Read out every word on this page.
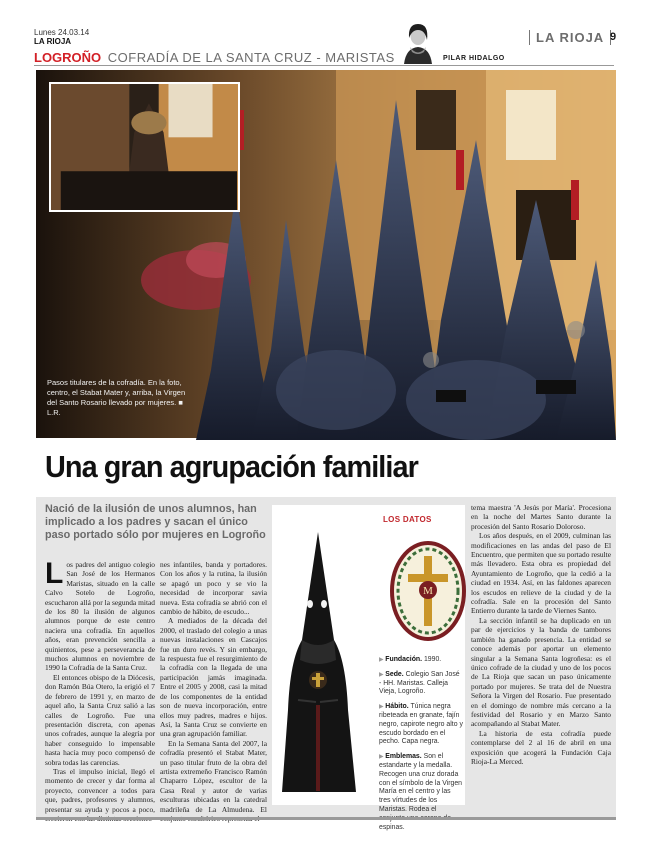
Lunes 24.03.14
LA RIOJA
LOGROÑO COFRADÍA DE LA SANTA CRUZ - MARISTAS	PILAR HIDALGO
LA RIOJA 9
Pasos titulares de la cofradía. En la foto, centro, el Stabat Mater y, arriba, la Virgen del Santo Rosario llevado por mujeres. ■ L.R.
Una gran agrupación familiar
Nació de la ilusión de unos alumnos, han implicado a los padres y sacan el único paso portado sólo por mujeres en Logroño

Los padres del antiguo colegio San José de los Hermanos Maristas, situado en la calle Calvo Sotelo de Logroño, escucharon allá por la segunda mitad de los 80 la ilusión de algunos alumnos porque de este centro naciera una cofradía. En aquellos años, eran prevención sencilla a quinientos, pese a perseverancia de muchos alumnos en noviembre de 1990 la Cofradía de la Santa Cruz.

El entonces obispo de la Diócesis, don Ramón Búa Otero, la erigió el 7 de febrero de 1991 y, en marzo de aquel año, la Santa Cruz salió a las calles de Logroño. Fue una presentación discreta, con apenas unos cofrades, aunque la alegría por haber conseguido lo impensable hasta hacía muy poco compensó de sobra todas las carencias.

Tras el impulso inicial, llegó el momento de crecer y dar forma al proyecto, convencer a todos para que, padres, profesores y alumnos, presentar su ayuda y pocos a poco,

nes infantiles, banda y portadores. Con los años y la rutina, la ilusión se apagó un poco y se vio la necesidad de incorporar savia nueva. Esta cofradía se abrió con el cambio de hábito, de escudo...

A mediados de la década del 2000, el traslado del colegio a unas nuevas instalaciones en Cascajos fue un duro revés. Y sin embargo, la respuesta fue el resurgimiento de la cofradía con la llegada de una participación jamás imaginada. Entre el 2005 y 2008, casi la mitad de los componentes de la entidad son de nueva incorporación, entre ellos muy padres, madres e hijos. Así, la Santa Cruz se convierte en una gran agrupación familiar.

En la Semana Santa del 2007, la cofradía presentó el Stabat Mater, un paso titular fruto de la obra del artista extremeño Francisco Ramón Chaparro López, escultor de la Casa Real y autor de varias esculturas ubicadas en la catedral madrileña de La Almudena. El

LOS DATOS
M
▶ Fundación. 1990.
▶ Sede. Colegio San José - HH. Maristas. Calleja Vieja, Logroño.
▶ Hábito. Túnica negra ribeteada en granate, fajín negro, capirote negro alto y escudo bordado en el pecho. Capa negra.
▶ Emblemas. Son el estandarte y la medalla. Recogen una cruz dorada con el símbolo de la Virgen María en el centro y las tres vírtudes de los Maristas. Rodea el espinas.

tema maestra 'A Jesús por María'. Procesiona en la noche del Martes Santo durante la procesión del Santo Rosario Doloroso.

Los años después, en el 2009, culminan las modificaciones en las andas del paso de El Encuentro, que permiten que su portado resulte más llevadero. Esta obra es propiedad del Ayuntamiento de Logroño, que la cedió a la ciudad en 1934. Así, en las faldones aparecen los escudos en relieve de la ciudad y de la cofradía. Sale en la procesión del Santo Entierro durante la tarde de Viernes Santo.

La sección infantil se ha duplicado en un par de ejercicios y la banda de tambores también ha ganado presencia. La entidad se conoce además por aportar un elemento singular a la Semana Santa logroñesa: es el único cofrade de la ciudad y uno de los pocos de La Rioja que sacan un paso únicamente portado por mujeres. Se trata del de Nuestra Señora la Virgen del Rosario. Fue presentado en el domingo de nombre más cercano a la festividad del Rosario y en Marzo Santo acompañando al Stabat Mater.

La historia de esta cofradía puede contemplarse del 2 al 16 de abril en una exposición que acogerá la Fundación Caja Rioja-La Merced.
